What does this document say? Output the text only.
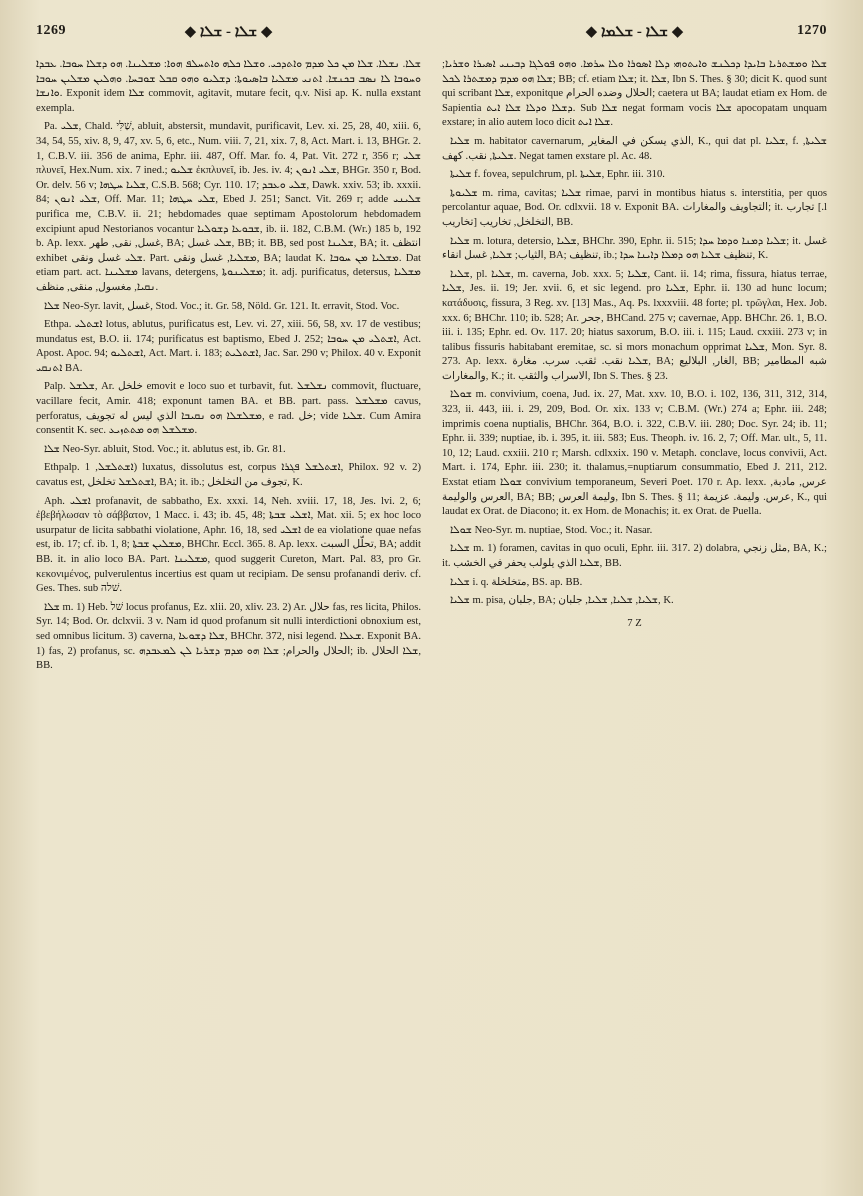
1269	◆ ܫܠܐ - ܫܠܐ ◆	◆ ܫܠܐ - ܫܠܡܐ ◆	1270

ܫܠܐ. ܢܫܠܐ. ܫܠܐ ܡܢ ܟܠ ܡܕܡ ܘܐܬܕܟܝ. ܘܫܠܐ ܟܠܗ ܘܐܬܚܠܦ ܗܘܐ: ܡܫܠܝܢܐ. ܗܘ ܕܫܠܐ ܚܘܒܐ. ܥܒܕܐ ܘܚܘܒܐ ܠܐ ܢܣܒ ܒܟܢܫܐ. ܐܬܢܝ ܡܫܠܝܐ ܒܐܣܝܘܬܐ: ܕܫܠܝܘ ܘܗܘ ܩܒܠ ܫܘܒܚܐ. ܘܗܠܝܢ ܡܫܠܝܢ ܚܘܒܐ ܘܐܢܫܐ. Exponit idem ܫܠܐ commovit, agitavit, mutare fecit, q.v. Nisi ap. K. nulla exstant exempla.

Pa. ܫܠܝ, Chald. שַׁלִּי, abluit, abstersit, mundavit, purificavit, Lev. xi. 25, 28, 40, xiii. 6, 34, 54, 55, xiv. 8, 9, 47, xv. 5, 6, etc., Num. viii. 7, 21, xix. 7, 8, Act. Mart. i. 13, BHGr. 2. 1, C.B.V. iii. 356 de anima, Ephr. iii. 487, Off. Mar. fo. 4, Pat. Vit. 272 r, 356 r; ܫܠܝ πλυνεῖ, Hex.Num. xix. 7 ined.; ܫܠܝܘ ἐκπλυνεῖ, ib. Jes. iv. 4; ܫܠܝ ܐܢܘܢ, BHGr. 350 r, Bod. Or. delv. 56 v; ܫܠܝܐ ܚܛܗܐ, C.S.B. 568; Cyr. 110. 17; ܫܠܝ ܘܥܒܕ, Dawk. xxiv. 53; ib. xxxii. 84; ܫܠܝ ܐܢܘܢ, Off. Mar. 11; ܫܠܝ ܚܛܗܐ, Ebed J. 251; Sanct. Vit. 269 r; adde ܫܠܝܢܝ purifica me, C.B.V. ii. 21; hebdomades quae septimam Apostolorum hebdomadem excipiunt apud Nestorianos vocantur ܫܒܘܥܐ ܕܫܘܠܝܐ, ib. ii. 182, C.B.M. (Wr.) 185 b, 192 b. Ap. lexx. غسل, نقى, طهر, BA; ܫܠܝ غسل, BB; it. BB, sed post ܫܠܝܢܐ, BA; it. انتظف exhibet ܫܠܝ غسل ونقى. Part. ܡܫܠܝܐ, غسل ونقى, BA; laudat K. ܡܫܠܝܐ ܡܢ ܚܘܒܐ. Dat etiam part. act. ܡܫܠܝܢܐ lavans, detergens, ܡܫܠܝܢܘܬܐ; it. adj. purificatus, detersus, ܡܫܠܝܐ ܢܩܝܐ, مغسول, منقى, منظف.

ܫܠܐ Neo-Syr. lavit, غسل, Stod. Voc.; it. Gr. 58, Nöld. Gr. 121. It. erravit, Stod. Voc.

Ethpa. ܐܫܬܠܝ lotus, ablutus, purificatus est, Lev. vi. 27, xiii. 56, 58, xv. 17 de vestibus; mundatus est, B.O. ii. 174; purificatus est baptismo, Ebed J. 252; ܐܫܬܠܝ ܡܢ ܚܘܒܐ, Act. Apost. Apoc. 94; ܐܫܬܠܝܘ, Act. Mart. i. 183; ܐܫܬܠܝܬ, Jac. Sar. 290 v; Philox. 40 v. Exponit ܐܬܢܩܝ BA.

Palp. ܫܠܫܠ, Ar. خلخل emovit e loco suo et turbavit, fut. ܢܫܠܫܠ commovit, fluctuare, vacillare fecit, Amir. 418; exponunt tamen BA. et BB. part. pass. ܡܫܠܫܠ cavus, perforatus, ܡܫܠܫܠܐ ܗܘ ܢܩܝܒܐ الذي ليس له تجويف, e rad. خل; vide ܫܠܝܐ. Cum Amira consentit K. sec. ܡܫܠܫܠ ܗܘ ܡܬܬܙܝܥ.

ܫܠܐ Neo-Syr. abluit, Stod. Voc.; it. ablutus est, ib. Gr. 81.

Ethpalp. ܐܫܬܠܫܠ, 1) luxatus, dissolutus est, corpus ܐܫܬܠܫܠ ܦܓܪܐ, Philox. 92 v. 2) cavatus est, ܐܫܬܠܫܠ تخلخل, BA; it. ib.; تجوف من التخلخل, K.

Aph. ܐܫܠܝ profanavit, de sabbatho, Ex. xxxi. 14, Neh. xviii. 17, 18, Jes. lvi. 2, 6; ἐβεβήλωσαν τὸ σάββατον, 1 Macc. i. 43; ib. 45, 48; ܐܫܠܝ ܫܒܬܐ, Mat. xii. 5; ex hoc loco usurpatur de licita sabbathi violatione, Aphr. 16, 18, sed ܐܫܠܝ de ea violatione quae nefas est, ib. 17; cf. ib. 1, 8; ܡܫܠܝܢ ܫܒܬܐ, BHChr. Eccl. 365. 8. Ap. lexx. تحلّل السبت, BA; addit BB. it. in alio loco BA. Part. ܡܫܠܝܢܐ, quod suggerit Cureton, Mart. Pal. 83, pro Gr. κεκονιμένος, pulverulentus incertius est quam ut recipiam. De sensu profanandi deriv. cf. Ges. Thes. sub שׁלה.

ܫܠܐ m. 1) Heb. שׁל locus profanus, Ez. xlii. 20, xliv. 23. 2) Ar. حلال fas, res licita, Philos. Syr. 14; Bod. Or. dclxvii. 3 v. Nam id quod profanum sit nulli interdictioni obnoxium est, sed omnibus licitum. 3) caverna, ܫܠܐ ܕܫܘܥܐ, BHChr. 372, nisi legend. ܫܥܠܐ. Exponit BA. 1) fas, 2) profanus, sc. الحلال والحرام; ܫܠܐ ܗܘ ܡܕܡ ܕܫܪܝܐ ܠܢ ܠܡܥܒܕܗ; ib. ܫܠܐ الحلال, BB.

ܫܠܐ ܘܡܫܬܪܝܐ ܒܐܝܕܐ ܕܟܠܢܫ ܘܐܝܬܘܗܝ ܕܠܐ ܐܣܘܪܐ ܘܠܐ ܚܪܡܐ. ܘܗܘ ܦܘܠܓܐ ܕܒܝܢܝ ܐܣܝܪܐ ܘܫܪܝܐ; ܫܠܐ ܗܘ ܡܕܡ ܕܡܫܬܪܐ ܠܟܠ; BB; cf. etiam ܫܠܐ; it. ܫܠܐ, Ibn S. Thes. § 30; dicit K. quod sunt qui scribant ܫܠܐ, exponitque الحلال وضده الحرام; caetera ut BA; laudat etiam ex Hom. de Sapientia ܕܫܠܐ ܘܕܠܐ ܫܠܐ ܐܝܬ. Sub ܫܠܐ negat formam vocis ܫܠܐ apocopatam unquam exstare; in alio autem loco dicit ܫܠܐ ܐܝܬ.

ܫܠܝܐ m. habitator cavernarum, الذي يسكن في المغاير, K., qui dat pl. ܫܠܝܐ, f. ܫܠܝܬܐ, ܫܠܝܬܐ, نقب. كهف. Negat tamen exstare pl. Ac. 48.

ܫܠܝܬܐ f. fovea, sepulchrum, pl. ܫܠܝܬܐ, Ephr. iii. 310.

ܫܠܝܘܬܐ m. rima, cavitas; ܫܠܝܐ rimae, parvi in montibus hiatus s. interstitia, per quos percolantur aquae, Bod. Or. cdlxvii. 18 v. Exponit BA. التجاويف والمغارات; it. تجارب [.l تخاريب] التخلخل, تخاريب, BB.

ܫܠܝܐ m. lotura, detersio, ܫܠܝܐ, BHChr. 390, Ephr. ii. 515; ܫܠܝܐ ܕܡܢܐ ܘܕܡܐ ܚܕܐ; it. غسل الثياب; ܫܠܝܐ, غسل انقاء, BA; تنظيف, ib.; تنظيف ܫܠܝܐ ܗܘ ܕܡܠܐ ܕܐܝܢܐ ܚܕܐ, K.

ܫܠܝܐ, pl. ܫܠܝܐ, m. caverna, Job. xxx. 5; ܫܠܝܐ, Cant. ii. 14; rima, fissura, hiatus terrae, ܫܠܝܐ, Jes. ii. 19; Jer. xvii. 6, et sic legend. pro ܫܠܝܐ, Ephr. ii. 130 ad hunc locum; κατάδυσις, fissura, 3 Reg. xv. [13] Mas., Aq. Ps. lxxxviii. 48 forte; pl. τρῶγλαι, Hex. Job. xxx. 6; BHChr. 110; ib. 528; Ar. جحر, BHCand. 275 v; cavernae, App. BHChr. 26. 1, B.O. iii. i. 135; Ephr. ed. Ov. 117. 20; hiatus saxorum, B.O. iii. i. 115; Laud. cxxiii. 273 v; in talibus fissuris habitabant eremitae, sc. si mors monachum opprimat ܫܠܝܐ, Mon. Syr. 8. 273. Ap. lexx. ܫܠܝܐ نقب. ثقب. سرب. مغارة, BA; الغار, البلاليع, BB; شبه المطامير والمغارات, K.; it. الاسراب والثقب, Ibn S. Thes. § 23.

ܫܘܠܐ m. convivium, coena, Jud. ix. 27, Mat. xxv. 10, B.O. i. 102, 136, 311, 312, 314, 323, ii. 443, iii. i. 29, 209, Bod. Or. xix. 133 v; C.B.M. (Wr.) 274 a; Ephr. iii. 248; imprimis coena nuptialis, BHChr. 364, B.O. i. 322, C.B.V. iii. 280; Doc. Syr. 24; ib. 11; Ephr. ii. 339; nuptiae, ib. i. 395, it. iii. 583; Eus. Theoph. iv. 16. 2, 7; Off. Mar. ult., 5, 11. 10, 12; Laud. cxxiii. 210 r; Marsh. cdlxxix. 190 v. Metaph. conclave, locus convivii, Act. Mart. i. 174, Ephr. iii. 230; it. thalamus,=nuptiarum consummatio, Ebed J. 211, 212. Exstat etiam ܫܘܠܐ convivium temporaneum, Severi Poet. 170 r. Ap. lexx. عرس, مادبة, العرس والوليمة, BA; BB; وليمة العرس, Ibn S. Thes. § 11; عرس. وليمة. عزيمة, K., qui laudat ex Orat. de Diacono; it. ex Hom. de Monachis; it. ex Orat. de Puella.

ܫܘܠܐ Neo-Syr. m. nuptiae, Stod. Voc.; it. Nasar.

ܫܠܝܐ m. 1) foramen, cavitas in quo oculi, Ephr. iii. 317. 2) dolabra, مثل زنجي, BA, K.; it. ܫܠܝܐ الذي يلولب يحفر في الخشب, BB.

ܫܠܝܐ i. q. متخلخلة, BS. ap. BB.

ܫܠܝܐ m. pisa, جلبان, BA; ܫܠܝܐ, ܫܠܝܐ, ܫܠܝܐ, جلبان, K.

7 Z
